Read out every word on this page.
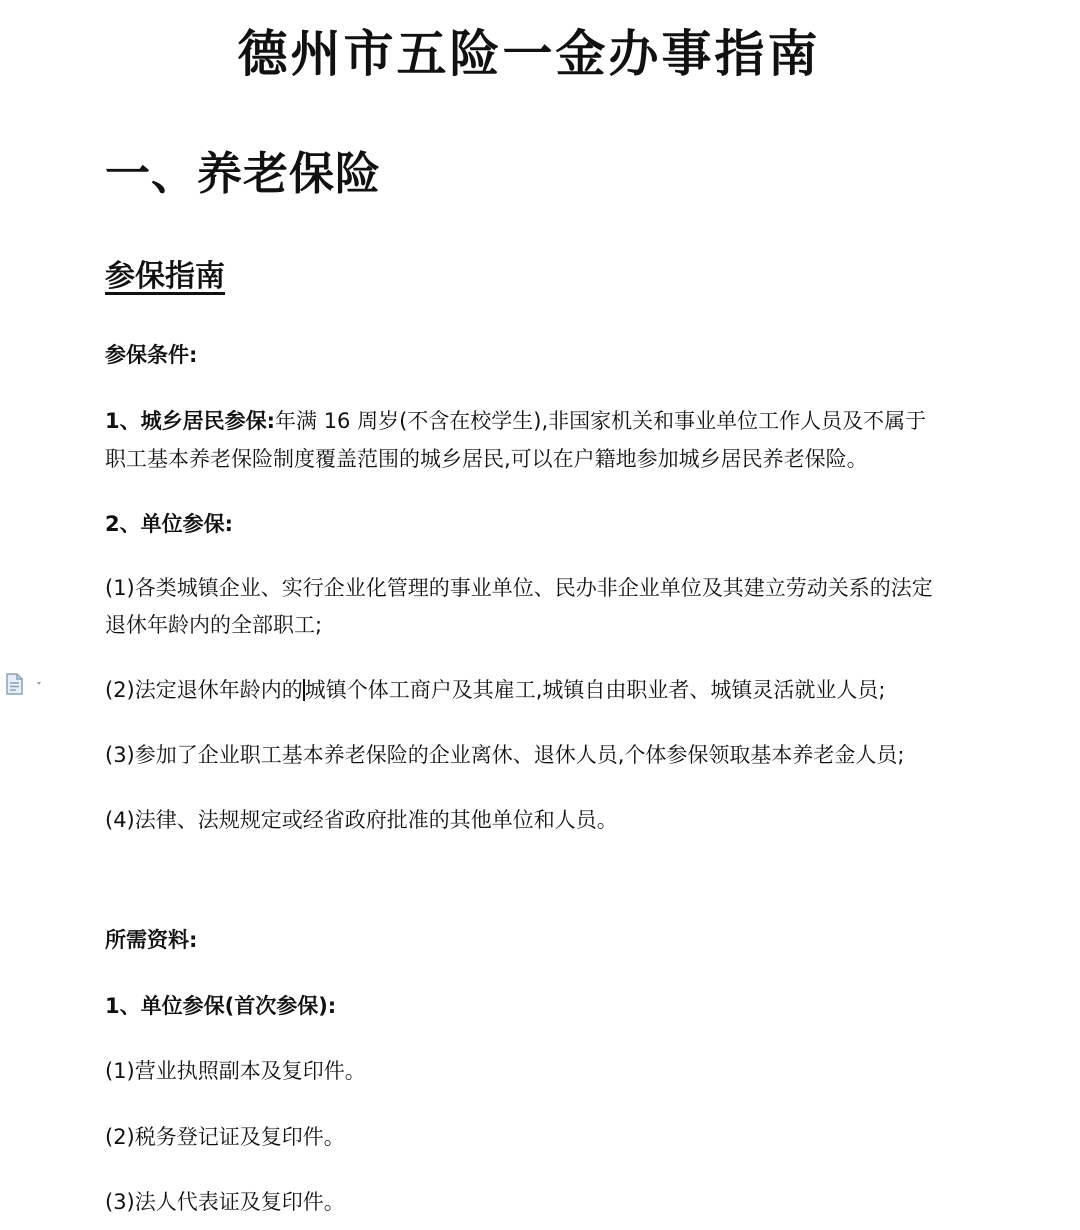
德州市五险一金办事指南
一、养老保险
参保指南

参保条件:

1、城乡居民参保:年满 16 周岁(不含在校学生),非国家机关和事业单位工作人员及不属于

职工基本养老保险制度覆盖范围的城乡居民,可以在户籍地参加城乡居民养老保险。

2、单位参保:

(1)各类城镇企业、实行企业化管理的事业单位、民办非企业单位及其建立劳动关系的法定

退休年龄内的全部职工;

(2)法定退休年龄内的城镇个体工商户及其雇工,城镇自由职业者、城镇灵活就业人员;

(3)参加了企业职工基本养老保险的企业离休、退休人员,个体参保领取基本养老金人员;

(4)法律、法规规定或经省政府批准的其他单位和人员。

所需资料:

1、单位参保(首次参保):

(1)营业执照副本及复印件。

(2)税务登记证及复印件。

(3)法人代表证及复印件。
